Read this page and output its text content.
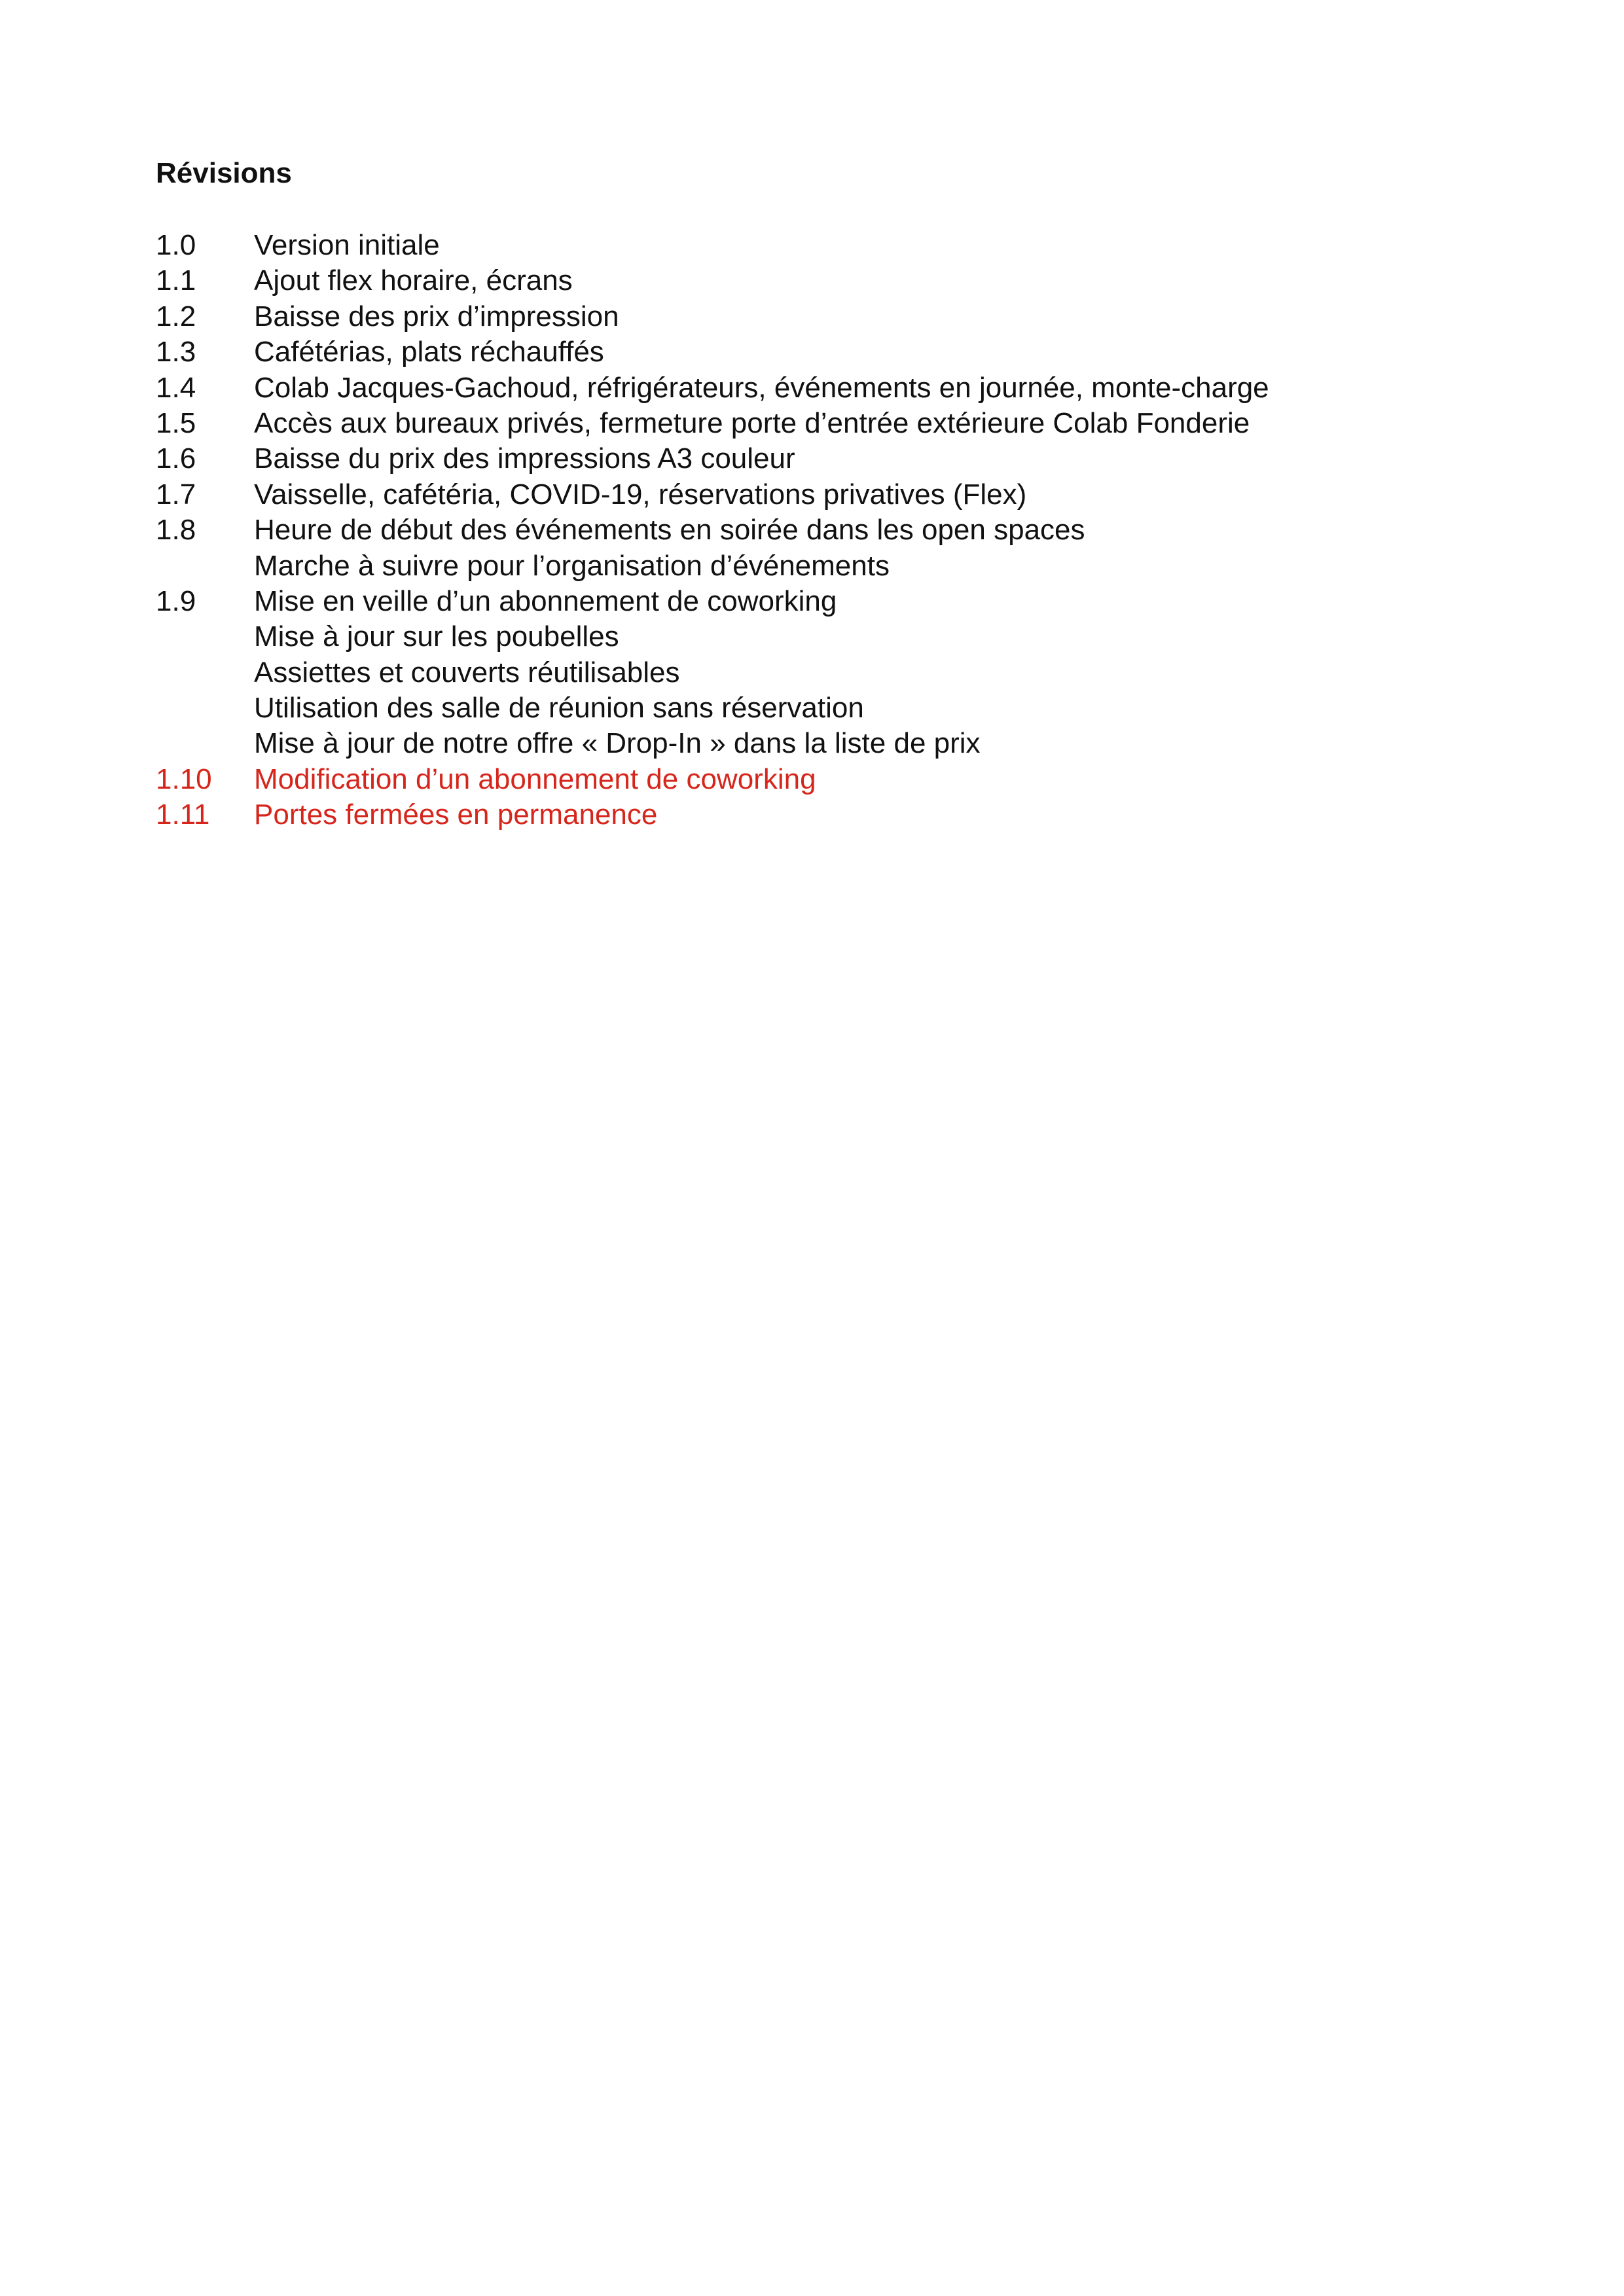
Révisions
1.0	Version initiale
1.1	Ajout flex horaire, écrans
1.2	Baisse des prix d’impression
1.3	Cafétérias, plats réchauffés
1.4	Colab Jacques-Gachoud, réfrigérateurs, événements en journée, monte-charge
1.5	Accès aux bureaux privés, fermeture porte d’entrée extérieure Colab Fonderie
1.6	Baisse du prix des impressions A3 couleur
1.7	Vaisselle, cafétéria, COVID-19, réservations privatives (Flex)
1.8	Heure de début des événements en soirée dans les open spaces
Marche à suivre pour l’organisation d’événements
1.9	Mise en veille d’un abonnement de coworking
Mise à jour sur les poubelles
Assiettes et couverts réutilisables
Utilisation des salle de réunion sans réservation
Mise à jour de notre offre « Drop-In » dans la liste de prix
1.10	Modification d’un abonnement de coworking
1.11	Portes fermées en permanence
